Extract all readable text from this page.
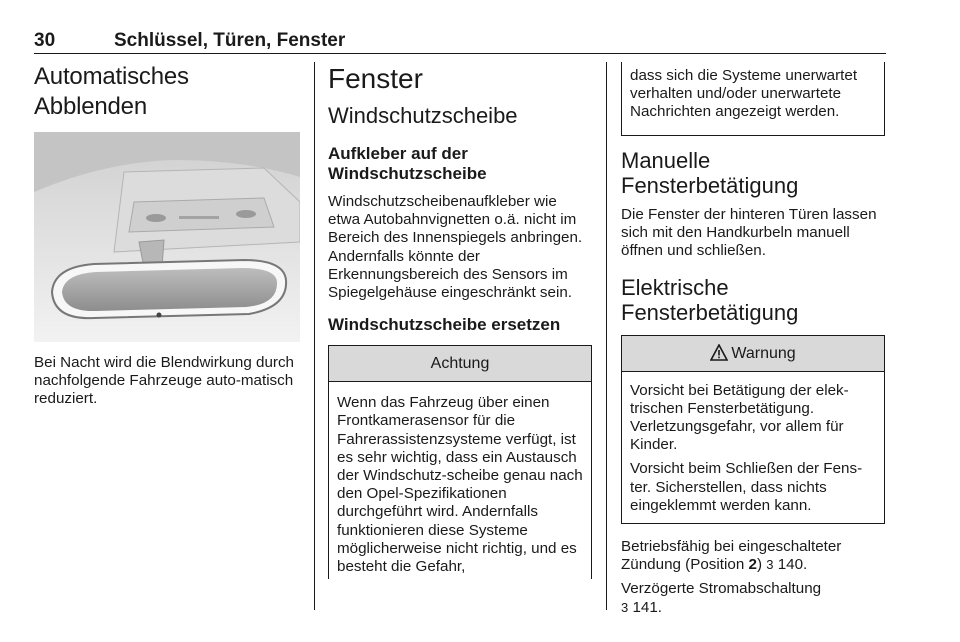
30	Schlüssel, Türen, Fenster
Automatisches Abblenden

Bei Nacht wird die Blendwirkung durch nachfolgende Fahrzeuge auto-matisch reduziert.

Fenster
Windschutzscheibe
Aufkleber auf der Windschutzscheibe

Windschutzscheibenaufkleber wie etwa Autobahnvignetten o.ä. nicht im Bereich des Innenspiegels anbringen. Andernfalls könnte der Erkennungsbereich des Sensors im Spiegelgehäuse eingeschränkt sein.

Windschutzscheibe ersetzen
Achtung

Wenn das Fahrzeug über einen Frontkamerasensor für die Fahrerassistenzsysteme verfügt, ist es sehr wichtig, dass ein Austausch der Windschutz-scheibe genau nach den Opel-Spezifikationen durchgeführt wird. Andernfalls funktionieren diese Systeme möglicherweise nicht richtig, und es besteht die Gefahr,

dass sich die Systeme unerwartet verhalten und/oder unerwartete Nachrichten angezeigt werden.

Manuelle Fensterbetätigung

Die Fenster der hinteren Türen lassen sich mit den Handkurbeln manuell öffnen und schließen.

Elektrische Fensterbetätigung
Warnung

Vorsicht bei Betätigung der elek-trischen Fensterbetätigung. Verletzungsgefahr, vor allem für Kinder.

Vorsicht beim Schließen der Fens-ter. Sicherstellen, dass nichts eingeklemmt werden kann.

Betriebsfähig bei eingeschalteter Zündung (Position 2) 3 140.

Verzögerte Stromabschaltung
3 141.
